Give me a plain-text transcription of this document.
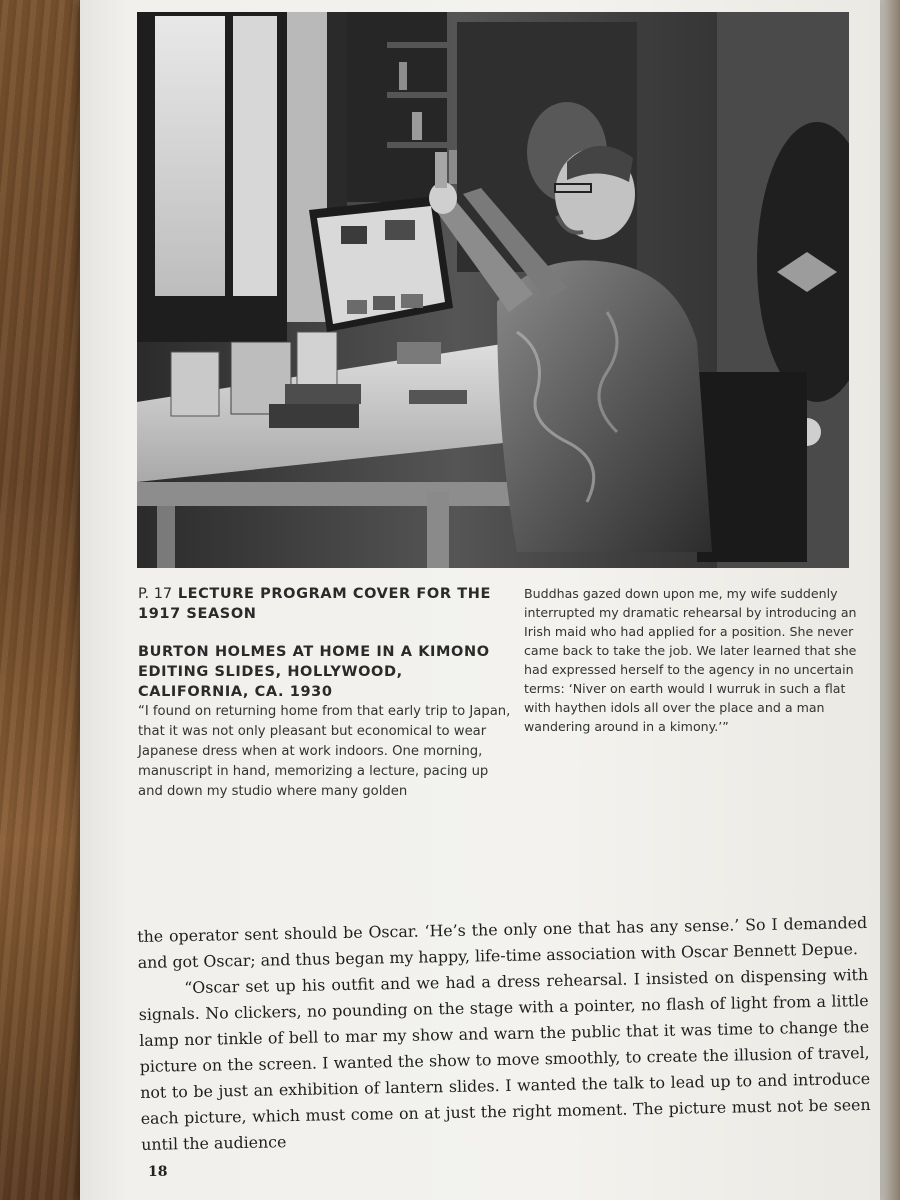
P. 17 LECTURE PROGRAM COVER FOR THE 1917 SEASON

BURTON HOLMES AT HOME IN A KIMONO EDITING SLIDES, HOLLYWOOD, CALIFORNIA, CA. 1930

“I found on returning home from that early trip to Japan, that it was not only pleasant but economical to wear Japanese dress when at work indoors. One morning, manuscript in hand, memorizing a lecture, pacing up and down my studio where many golden

Buddhas gazed down upon me, my wife suddenly interrupted my dramatic rehearsal by introducing an Irish maid who had applied for a position. She never came back to take the job. We later learned that she had expressed herself to the agency in no uncertain terms: ‘Niver on earth would I wurruk in such a flat with haythen idols all over the place and a man wandering around in a kimony.’”

the operator sent should be Oscar. ‘He’s the only one that has any sense.’ So I demanded and got Oscar; and thus began my happy, life-time association with Oscar Bennett Depue.

“Oscar set up his outfit and we had a dress rehearsal. I insisted on dispensing with signals. No clickers, no pounding on the stage with a pointer, no flash of light from a little lamp nor tinkle of bell to mar my show and warn the public that it was time to change the picture on the screen. I wanted the show to move smoothly, to create the illusion of travel, not to be just an exhibition of lantern slides. I wanted the talk to lead up to and introduce each picture, which must come on at just the right moment. The picture must not be seen until the audience

18
